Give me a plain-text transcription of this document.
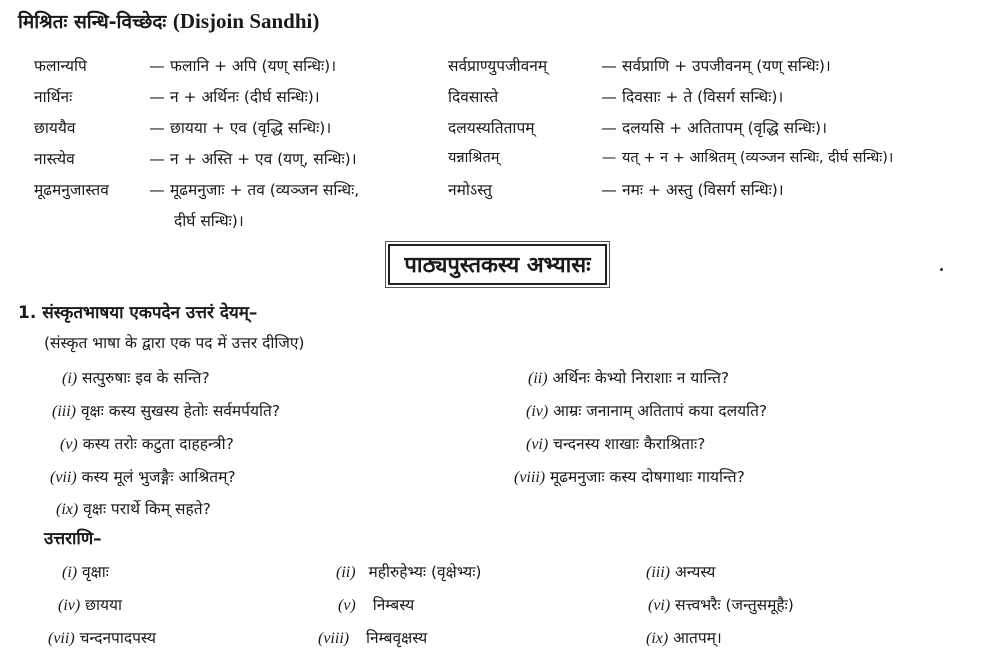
मिश्रितः सन्धि-विच्छेदः (Disjoin Sandhi)
फलान्यपि	— फलानि + अपि (यण् सन्धिः)।
नार्थिनः	— न + अर्थिनः (दीर्घ सन्धिः)।
छाययैव	— छायया + एव (वृद्धि सन्धिः)।
नास्त्येव	— न + अस्ति + एव (यण्, सन्धिः)।
मूढमनुजास्तव	— मूढमनुजाः + तव (व्यञ्जन सन्धिः,
दीर्घ सन्धिः)।
सर्वप्राण्युपजीवनम्	— सर्वप्राणि + उपजीवनम् (यण् सन्धिः)।
दिवसास्ते	— दिवसाः + ते (विसर्ग सन्धिः)।
दलयस्यतितापम्	— दलयसि + अतितापम् (वृद्धि सन्धिः)।
यन्नाश्रितम्	— यत् + न + आश्रितम् (व्यञ्जन सन्धिः, दीर्घ सन्धिः)।
नमोऽस्तु	— नमः + अस्तु (विसर्ग सन्धिः)।
पाठ्यपुस्तकस्य अभ्यासः
1. संस्कृतभाषया एकपदेन उत्तरं देयम्–
(संस्कृत भाषा के द्वारा एक पद में उत्तर दीजिए)
(i) सत्पुरुषाः इव के सन्ति?	(ii) अर्थिनः केभ्यो निराशाः न यान्ति?
(iii) वृक्षः कस्य सुखस्य हेतोः सर्वमर्पयति?	(iv) आम्रः जनानाम् अतितापं कया दलयति?
(v) कस्य तरोः कटुता दाहहन्त्री?	(vi) चन्दनस्य शाखाः कैराश्रिताः?
(vii) कस्य मूलं भुजङ्गैः आश्रितम्?	(viii) मूढमनुजाः कस्य दोषगाथाः गायन्ति?
(ix) वृक्षः परार्थे किम् सहते?
उत्तराणि–
(i) वृक्षाः	(ii) महीरुहेभ्यः (वृक्षेभ्यः)	(iii) अन्यस्य
(iv) छायया	(v) निम्बस्य	(vi) सत्त्वभरैः (जन्तुसमूहैः)
(vii) चन्दनपादपस्य	(viii) निम्बवृक्षस्य	(ix) आतपम्।
